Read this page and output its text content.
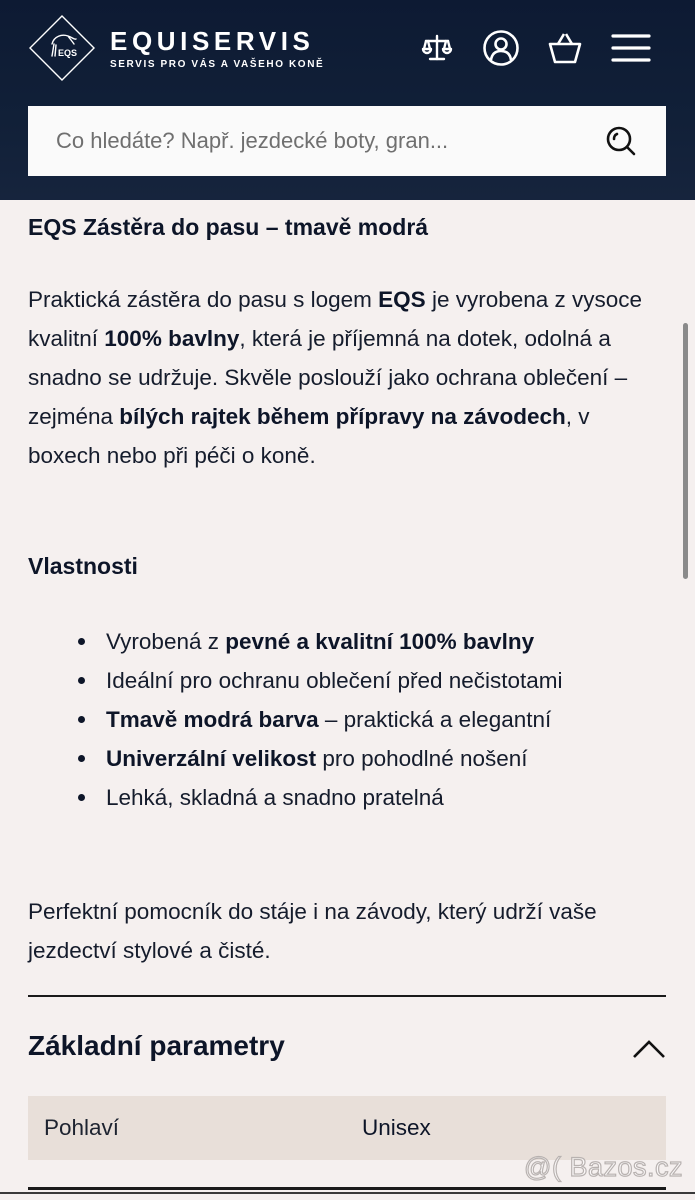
EQS EQUISERVIS
SERVIS PRO VÁS A VAŠEHO KONĚ
Co hledáte? Např. jezdecké boty, gran...
EQS Zástěra do pasu – tmavě modrá

Praktická zástěra do pasu s logem EQS je vyrobena z vysoce kvalitní 100% bavlny, která je příjemná na dotek, odolná a snadno se udržuje. Skvěle poslouží jako ochrana oblečení – zejména bílých rajtek během přípravy na závodech, v boxech nebo při péči o koně.

Vlastnosti
Vyrobená z pevné a kvalitní 100% bavlny
Ideální pro ochranu oblečení před nečistotami
Tmavě modrá barva – praktická a elegantní
Univerzální velikost pro pohodlné nošení
Lehká, skladná a snadno pratelná

Perfektní pomocník do stáje i na závody, který udrží vaše jezdectví stylové a čisté.

Základní parametry
Pohlaví	Unisex
@( Bazos.cz
